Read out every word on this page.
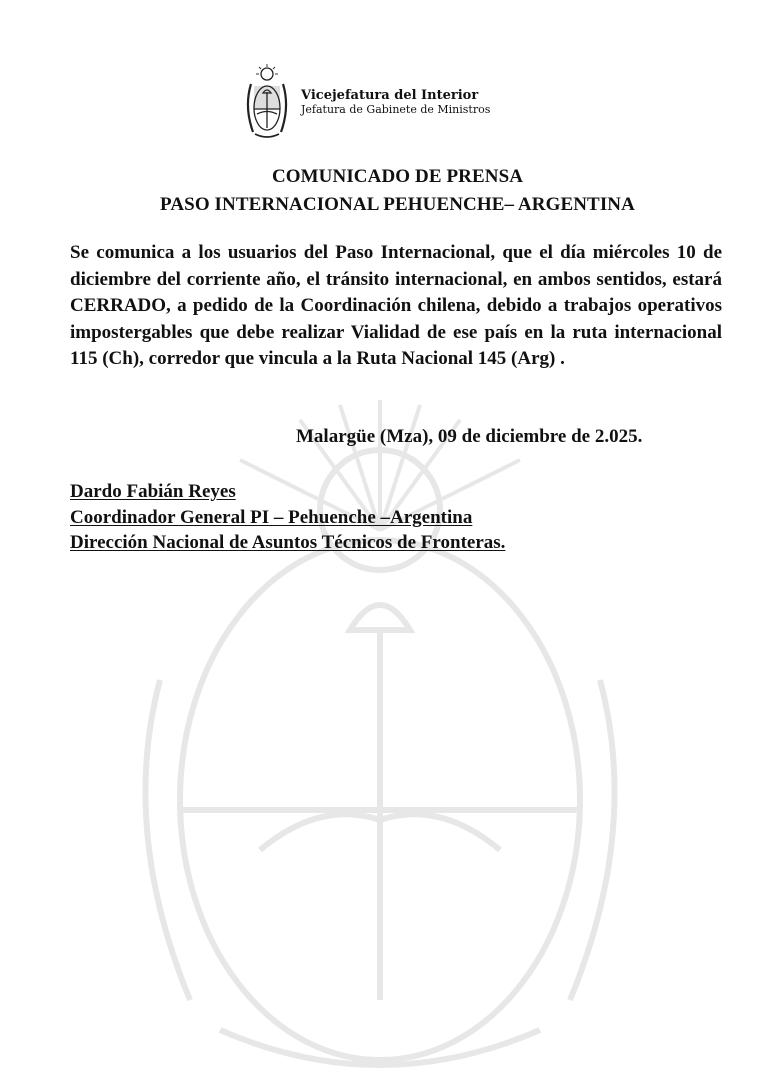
Vicejefatura del Interior
Jefatura de Gabinete de Ministros
COMUNICADO DE PRENSA
PASO INTERNACIONAL PEHUENCHE– ARGENTINA
Se comunica a los usuarios del Paso Internacional, que el día miércoles 10 de diciembre del corriente año, el tránsito internacional, en ambos sentidos, estará CERRADO, a pedido de la Coordinación chilena, debido a trabajos operativos impostergables que debe realizar Vialidad de ese país en la ruta internacional 115 (Ch), corredor que vincula a la Ruta Nacional 145 (Arg) .
Malargüe (Mza), 09 de diciembre de 2.025.
Dardo Fabián Reyes
Coordinador General PI – Pehuenche –Argentina
Dirección Nacional de Asuntos Técnicos de Fronteras.
